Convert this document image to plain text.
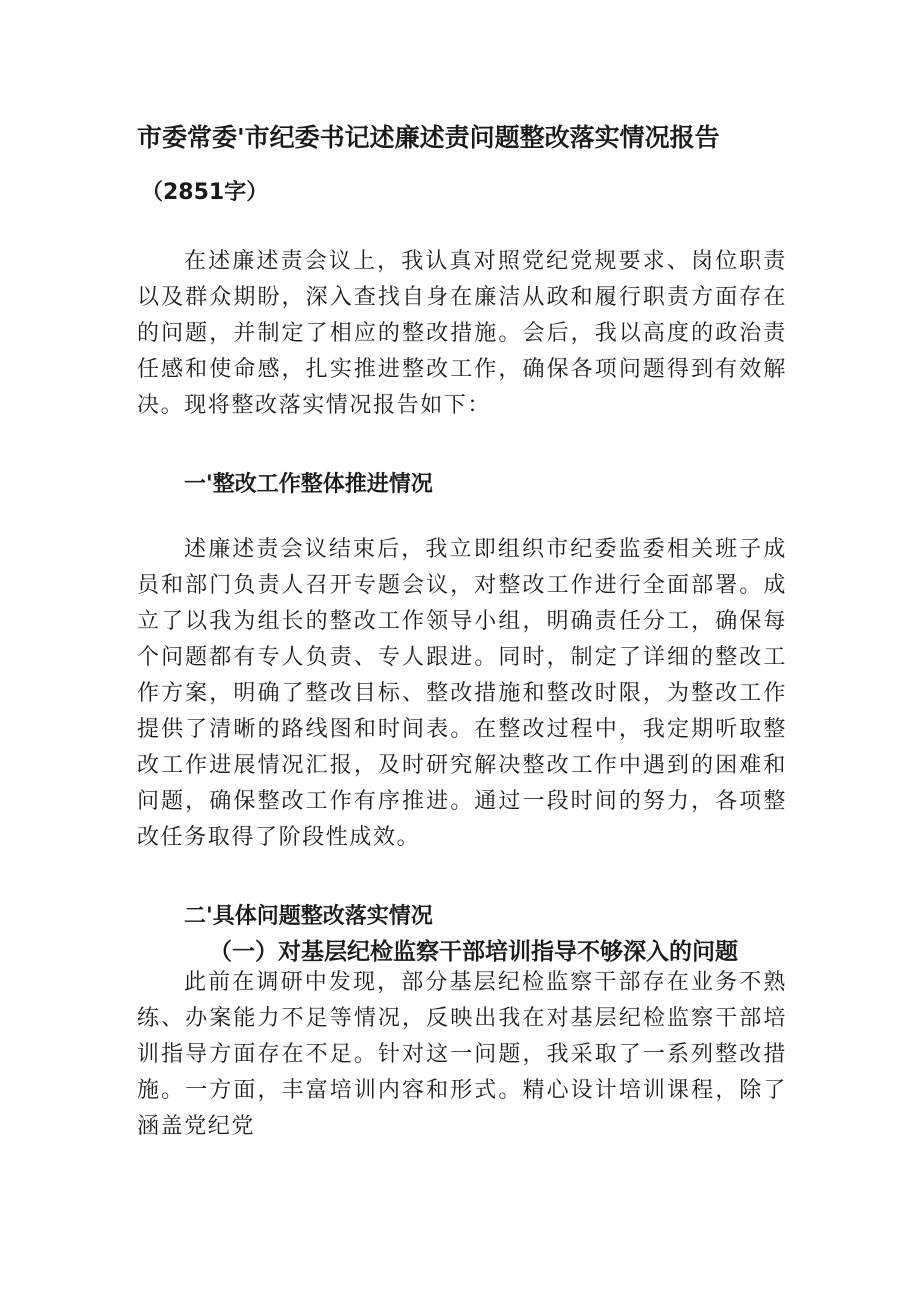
市委常委'市纪委书记述廉述责问题整改落实情况报告
（2851字）

在述廉述责会议上，我认真对照党纪党规要求、岗位职责以及群众期盼，深入查找自身在廉洁从政和履行职责方面存在的问题，并制定了相应的整改措施。会后，我以高度的政治责任感和使命感，扎实推进整改工作，确保各项问题得到有效解决。现将整改落实情况报告如下：

一'整改工作整体推进情况

述廉述责会议结束后，我立即组织市纪委监委相关班子成员和部门负责人召开专题会议，对整改工作进行全面部署。成立了以我为组长的整改工作领导小组，明确责任分工，确保每个问题都有专人负责、专人跟进。同时，制定了详细的整改工作方案，明确了整改目标、整改措施和整改时限，为整改工作提供了清晰的路线图和时间表。在整改过程中，我定期听取整改工作进展情况汇报，及时研究解决整改工作中遇到的困难和问题，确保整改工作有序推进。通过一段时间的努力，各项整改任务取得了阶段性成效。

二'具体问题整改落实情况
（一）对基层纪检监察干部培训指导不够深入的问题

此前在调研中发现，部分基层纪检监察干部存在业务不熟练、办案能力不足等情况，反映出我在对基层纪检监察干部培训指导方面存在不足。针对这一问题，我采取了一系列整改措施。一方面，丰富培训内容和形式。精心设计培训课程，除了涵盖党纪党
